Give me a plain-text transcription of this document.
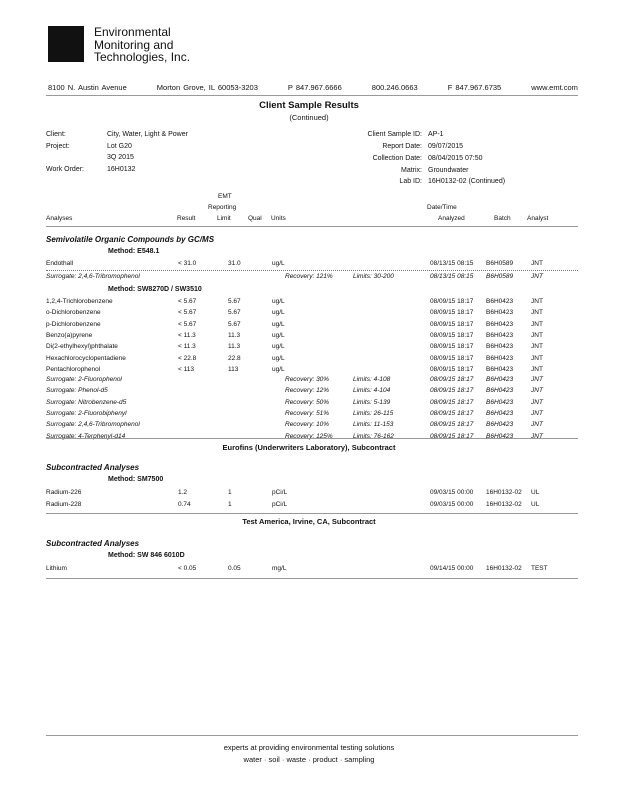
Environmental
Monitoring and
Technologies, Inc.
8100 N. Austin Avenue	Morton Grove, IL 60053-3203	P 847.967.6666	800.246.0663	F 847.967.6735	www.emt.com
Client Sample Results
(Continued)
Client:	City, Water, Light & Power
Project:	Lot G20
3Q 2015
Work Order:	16H0132
Client Sample ID: AP-1
Report Date: 09/07/2015
Collection Date: 08/04/2015 07:50
Matrix: Groundwater
Lab ID: 16H0132-02 (Continued)
EMT
Reporting	Date/Time
Analyses	Result	Limit	Qual Units	Analyzed	Batch	Analyst
Semivolatile Organic Compounds by GC/MS
Method: E548.1
Endothall	< 31.0	31.0	ug/L	08/13/15 08:15 B6H0589	JNT
Surrogate: 2,4,6-Tribromophenol	Recovery: 121%	Limits: 30-200	08/13/15 08:15 B6H0589	JNT
Method: SW8270D / SW3510
1,2,4-Trichlorobenzene	< 5.67	5.67	ug/L	08/09/15 18:17 B6H0423	JNT
o-Dichlorobenzene	< 5.67	5.67	ug/L	08/09/15 18:17 B6H0423	JNT
p-Dichlorobenzene	< 5.67	5.67	ug/L	08/09/15 18:17 B6H0423	JNT
Benzo(a)pyrene	< 11.3	11.3	ug/L	08/09/15 18:17 B6H0423	JNT
Di(2-ethylhexyl)phthalate	< 11.3	11.3	ug/L	08/09/15 18:17 B6H0423	JNT
Hexachlorocyclopentadiene	< 22.8	22.8	ug/L	08/09/15 18:17 B6H0423	JNT
Pentachlorophenol	< 113	113	ug/L	08/09/15 18:17 B6H0423	JNT
Surrogate: 2-Fluorophenol	Recovery: 30%	Limits: 4-108	08/09/15 18:17 B6H0423	JNT
Surrogate: Phenol-d5	Recovery: 12%	Limits: 4-104	08/09/15 18:17 B6H0423	JNT
Surrogate: Nitrobenzene-d5	Recovery: 50%	Limits: 5-139	08/09/15 18:17 B6H0423	JNT
Surrogate: 2-Fluorobiphenyl	Recovery: 51%	Limits: 26-115	08/09/15 18:17 B6H0423	JNT
Surrogate: 2,4,6-Tribromophenol	Recovery: 10%	Limits: 11-153	08/09/15 18:17 B6H0423	JNT
Surrogate: 4-Terphenyl-d14	Recovery: 125%	Limits: 76-162	08/09/15 18:17 B6H0423	JNT
Eurofins (Underwriters Laboratory), Subcontract
Subcontracted Analyses
Method: SM7500
Radium-226	1.2	1	pCi/L	09/03/15 00:00 16H0132-02 UL
Radium-228	0.74	1	pCi/L	09/03/15 00:00 16H0132-02 UL
Test America, Irvine, CA, Subcontract
Subcontracted Analyses
Method: SW 846 6010D
Lithium	< 0.05	0.05	mg/L	09/14/15 00:00 16H0132-02 TEST
experts at providing environmental testing solutions
water · soil · waste · product · sampling
